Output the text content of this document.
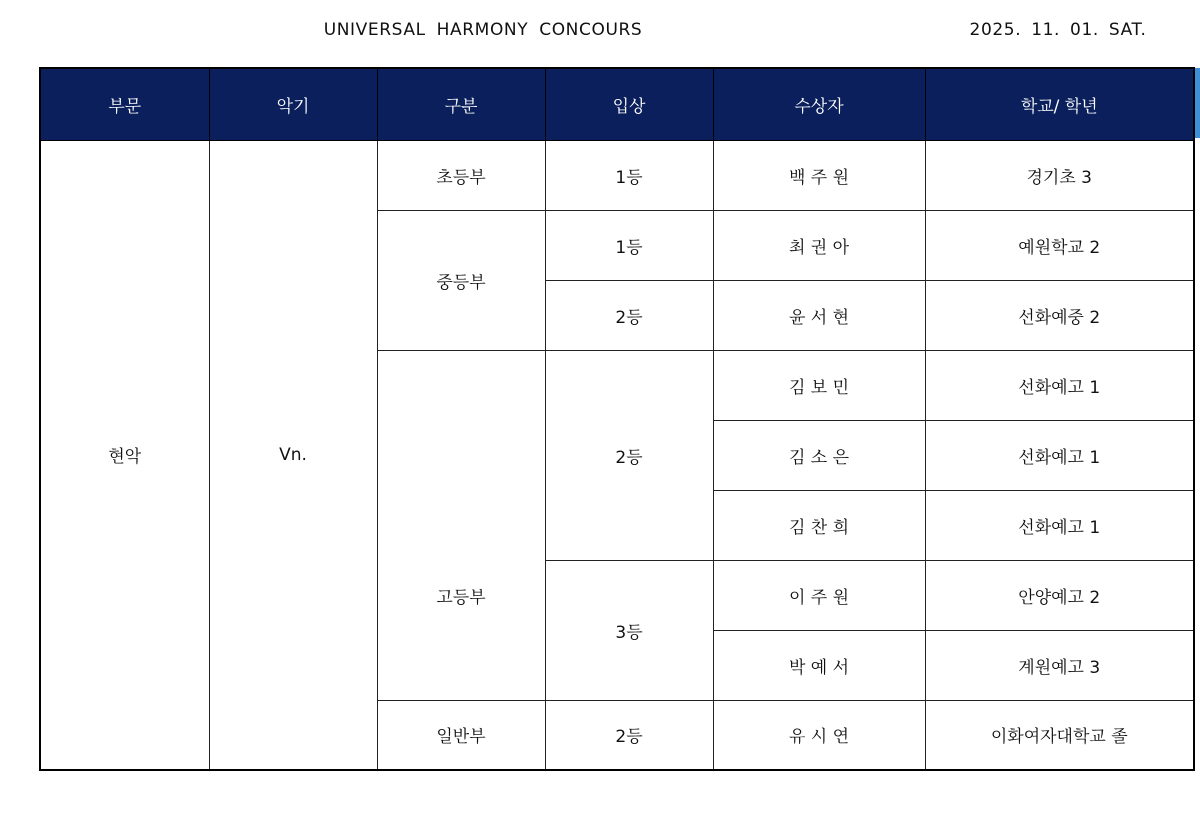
UNIVERSAL HARMONY CONCOURS	2025. 11. 01. SAT.
부문	악기	구분	입상	수상자	학교/ 학년
현악	Vn.	초등부	1등	백 주 원	경기초 3
		중등부	1등	최 권 아	예원학교 2
			2등	윤 서 현	선화예중 2
		고등부	2등	김 보 민	선화예고 1
				김 소 은	선화예고 1
				김 찬 희	선화예고 1
			3등	이 주 원	안양예고 2
				박 예 서	계원예고 3
		일반부	2등	유 시 연	이화여자대학교 졸
